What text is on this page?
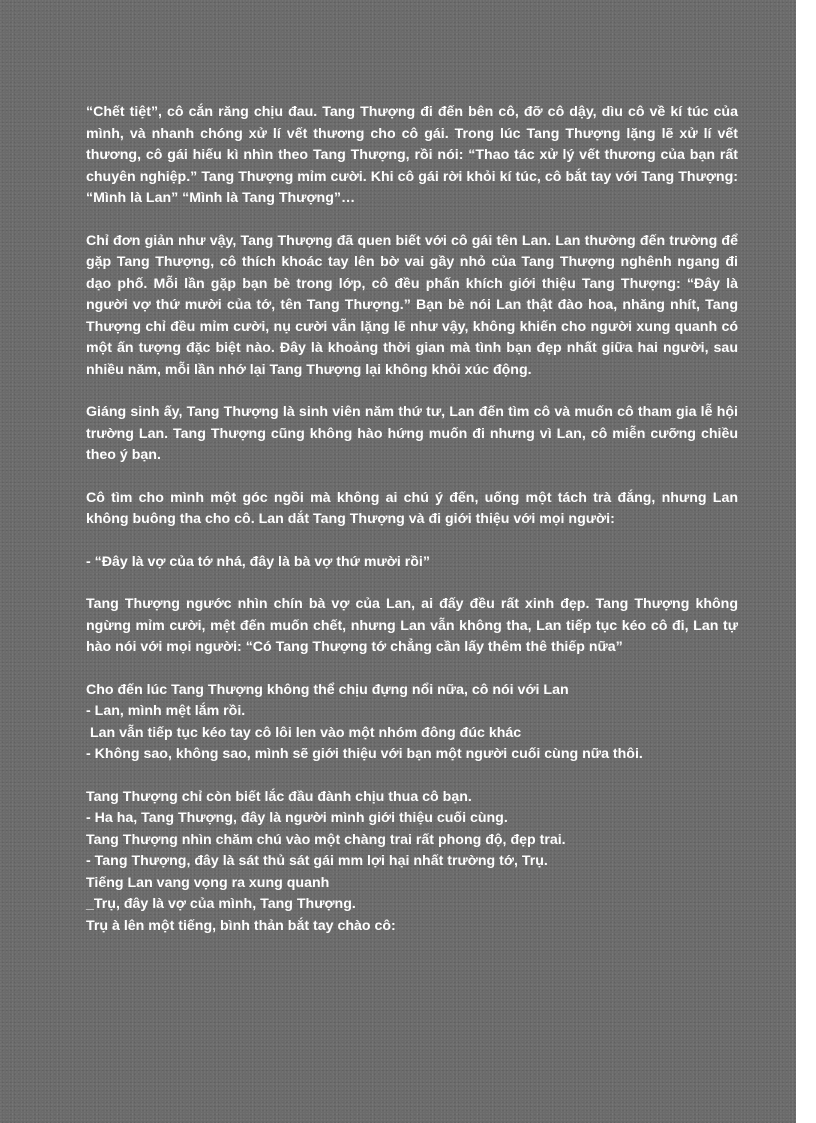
“Chết tiệt”, cô cắn răng chịu đau. Tang Thượng đi đến bên cô, đỡ cô dậy, dìu cô về kí túc của mình, và nhanh chóng xử lí vết thương cho cô gái. Trong lúc Tang Thượng lặng lẽ xử lí vết thương, cô gái hiếu kì nhìn theo Tang Thượng, rồi nói: “Thao tác xử lý vết thương của bạn rất chuyên nghiệp.” Tang Thượng mỉm cười. Khi cô gái rời khỏi kí túc, cô bắt tay với Tang Thượng: “Mình là Lan” “Mình là Tang Thượng”…

Chỉ đơn giản như vậy, Tang Thượng đã quen biết với cô gái tên Lan. Lan thường đến trường để gặp Tang Thượng, cô thích khoác tay lên bờ vai gầy nhỏ của Tang Thượng nghênh ngang đi dạo phố. Mỗi lần gặp bạn bè trong lớp, cô đều phấn khích giới thiệu Tang Thượng: “Đây là người vợ thứ mười của tớ, tên Tang Thượng.” Bạn bè nói Lan thật đào hoa, nhăng nhít, Tang Thượng chỉ đều mỉm cười, nụ cười vẫn lặng lẽ như vậy, không khiến cho người xung quanh có một ấn tượng đặc biệt nào. Đây là khoảng thời gian mà tình bạn đẹp nhất giữa hai người, sau nhiều năm, mỗi lần nhớ lại Tang Thượng lại không khỏi xúc động.

Giáng sinh ấy, Tang Thượng là sinh viên năm thứ tư, Lan đến tìm cô và muốn cô tham gia lễ hội trường Lan. Tang Thượng cũng không hào hứng muốn đi nhưng vì Lan, cô miễn cưỡng chiều theo ý bạn.

Cô tìm cho mình một góc ngồi mà không ai chú ý đến, uống một tách trà đắng, nhưng Lan không buông tha cho cô. Lan dắt Tang Thượng và đi giới thiệu với mọi người:

- “Đây là vợ của tớ nhá, đây là bà vợ thứ mười rồi”

Tang Thượng ngước nhìn chín bà vợ của Lan, ai đấy đều rất xinh đẹp. Tang Thượng không ngừng mỉm cười, mệt đến muốn chết, nhưng Lan vẫn không tha, Lan tiếp tục kéo cô đi, Lan tự hào nói với mọi người: “Có Tang Thượng tớ chẳng cần lấy thêm thê thiếp nữa”

Cho đến lúc Tang Thượng không thể chịu đựng nổi nữa, cô nói với Lan
- Lan, mình mệt lắm rồi.
Lan vẫn tiếp tục kéo tay cô lôi len vào một nhóm đông đúc khác
- Không sao, không sao, mình sẽ giới thiệu với bạn một người cuối cùng nữa thôi.
Tang Thượng chỉ còn biết lắc đầu đành chịu thua cô bạn.
- Ha ha, Tang Thượng, đây là người mình giới thiệu cuối cùng.
Tang Thượng nhìn chăm chú vào một chàng trai rất phong độ, đẹp trai.
- Tang Thượng, đây là sát thủ sát gái mm lợi hại nhất trường tớ, Trụ.
Tiếng Lan vang vọng ra xung quanh
_Trụ, đây là vợ của mình, Tang Thượng.
Trụ à lên một tiếng, bình thản bắt tay chào cô:
